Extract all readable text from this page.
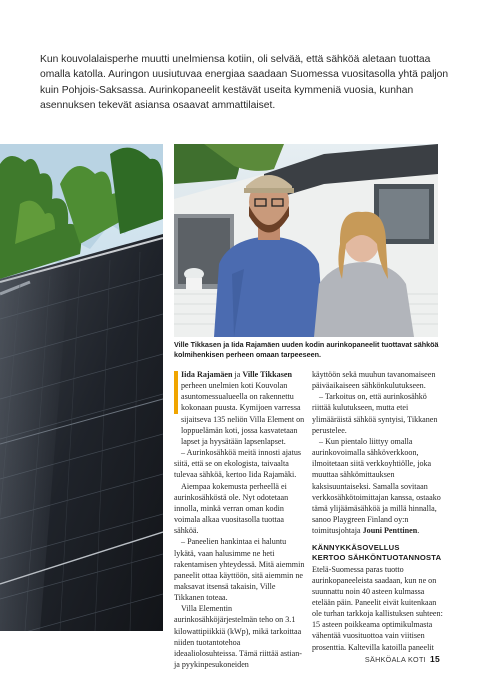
Kun kouvolalaisperhe muutti unelmiensa kotiin, oli selvää, että sähköä aletaan tuottaa omalla katolla. Auringon uusiutuvaa energiaa saadaan Suomessa vuositasolla yhtä paljon kuin Pohjois-Saksassa. Aurinkopaneelit kestävät useita kymmeniä vuosia, kunhan asennuksen tekevät asiansa osaavat ammattilaiset.

Ville Tikkasen ja Iida Rajamäen uuden kodin aurinkopaneelit tuottavat sähköä kolmihenkisen perheen omaan tarpeeseen.

Iida Rajamäen ja Ville Tikkasen perheen unelmien koti Kouvolan asuntomessualueella on rakennettu kokonaan puusta. Kymijoen varressa sijaitseva 135 neliön Villa Element on loppuelämän koti, jossa kasvatetaan lapset ja hyysätään lapsenlapset.

– Aurinkosähköä meitä innosti ajatus siitä, että se on ekologista, taivaalta tulevaa sähköä, kertoo Iida Rajamäki.

Aiempaa kokemusta perheellä ei aurinkosähköstä ole. Nyt odotetaan innolla, minkä verran oman kodin voimala alkaa vuositasolla tuottaa sähköä.

– Paneelien hankintaa ei haluntu lykätä, vaan halusimme ne heti rakentamisen yhteydessä. Mitä aiemmin paneelit ottaa käyttöön, sitä aiemmin ne maksavat itsensä takaisin, Ville Tikkanen toteaa.

Villa Elementin aurinkosähköjärjestelmän teho on 3.1 kilowattipiikkiä (kWp), mikä tarkoittaa niiden tuotantotehoa ideaaliolosuhteissa. Tämä riittää astian- ja pyykinpesukoneiden

käyttöön sekä muuhun tavanomaiseen päiväaikaiseen sähkönkulutukseen.

– Tarkoitus on, että aurinkosähkö riittää kulutukseen, mutta etei ylimääräistä sähköä syntyisi, Tikkanen perustelee.

– Kun pientalo liittyy omalla aurinkovoimalla sähköverkkoon, ilmoitetaan siitä verkkoyhtiölle, joka muuttaa sähkömittauksen kaksisuuntaiseksi. Samalla sovitaan verkkosähkötoimittajan kanssa, ostaako tämä ylijäämäsähköä ja millä hinnalla, sanoo Playgreen Finland oy:n toimitusjohtaja Jouni Penttinen.

KÄNNYKKÄSOVELLUS
KERTOO SÄHKÖNTUOTANNOSTA

Etelä-Suomessa paras tuotto aurinkopaneeleista saadaan, kun ne on suunnattu noin 40 asteen kulmassa etelään päin. Paneelit eivät kuitenkaan ole turhan tarkkoja kallistuksen suhteen: 15 asteen poikkeama optimikulmasta vähentää vuosituottoa vain viitisen prosenttia. Kaltevilla katoilla paneelit

SÄHKÖALA KOTI 15
